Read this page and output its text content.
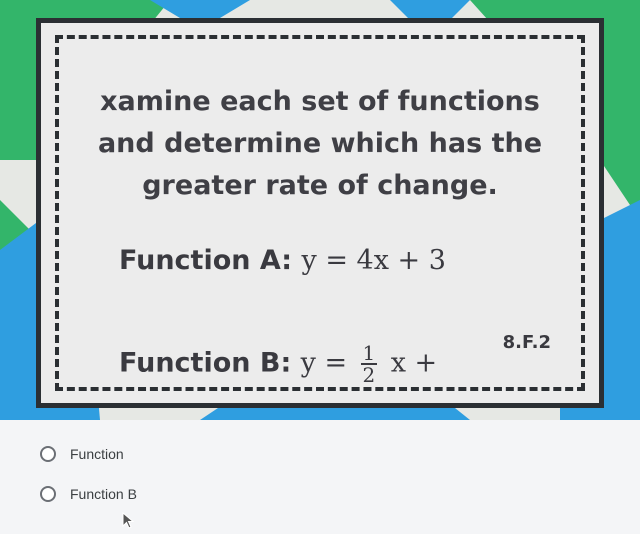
xamine each set of functions
and determine which has the
greater rate of change.
Function A: y = 4x + 3
Function B: $y = \frac{1}{2}$ x +
8.F.2
Function
Function B
